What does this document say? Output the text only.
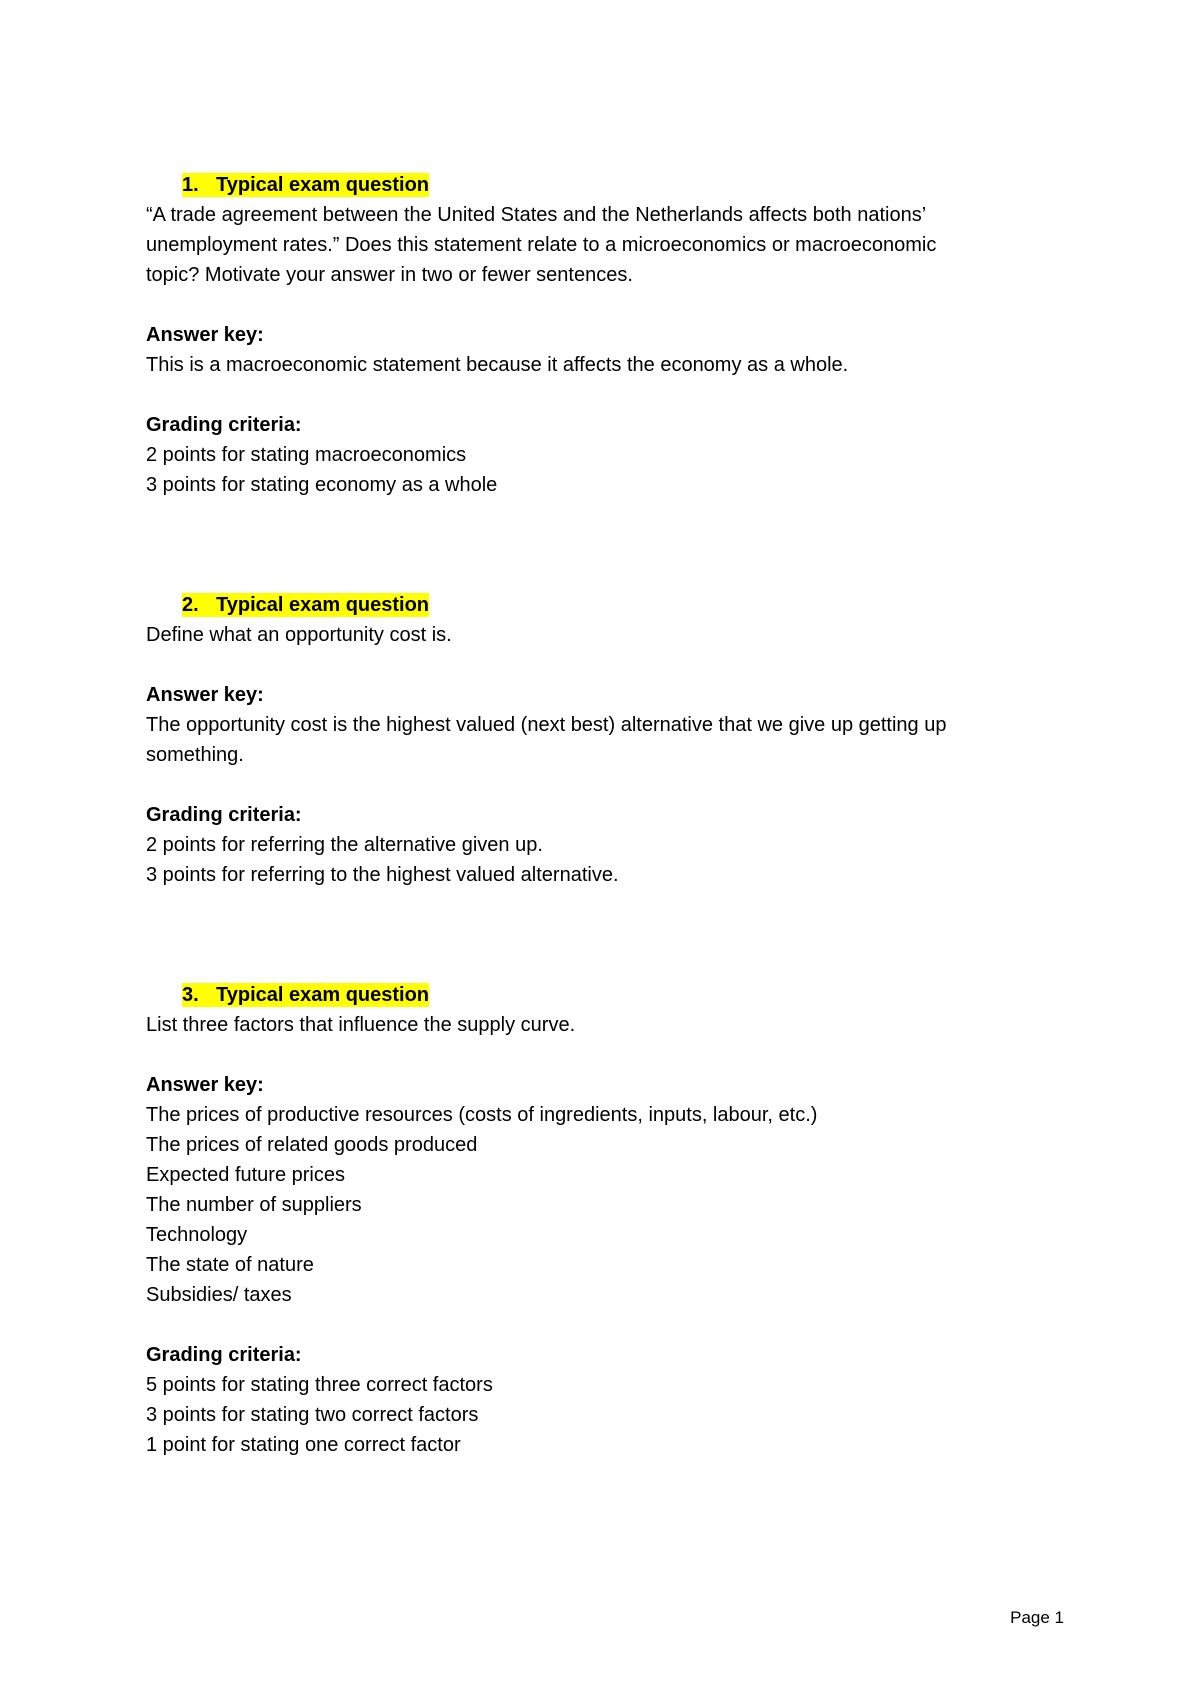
1. Typical exam question
“A trade agreement between the United States and the Netherlands affects both nations’
unemployment rates.” Does this statement relate to a microeconomics or macroeconomic
topic? Motivate your answer in two or fewer sentences.
Answer key:
This is a macroeconomic statement because it affects the economy as a whole.
Grading criteria:
2 points for stating macroeconomics
3 points for stating economy as a whole
2. Typical exam question
Define what an opportunity cost is.
Answer key:
The opportunity cost is the highest valued (next best) alternative that we give up getting up
something.
Grading criteria:
2 points for referring the alternative given up.
3 points for referring to the highest valued alternative.
3. Typical exam question
List three factors that influence the supply curve.
Answer key:
The prices of productive resources (costs of ingredients, inputs, labour, etc.)
The prices of related goods produced
Expected future prices
The number of suppliers
Technology
The state of nature
Subsidies/ taxes
Grading criteria:
5 points for stating three correct factors
3 points for stating two correct factors
1 point for stating one correct factor
Page 1
